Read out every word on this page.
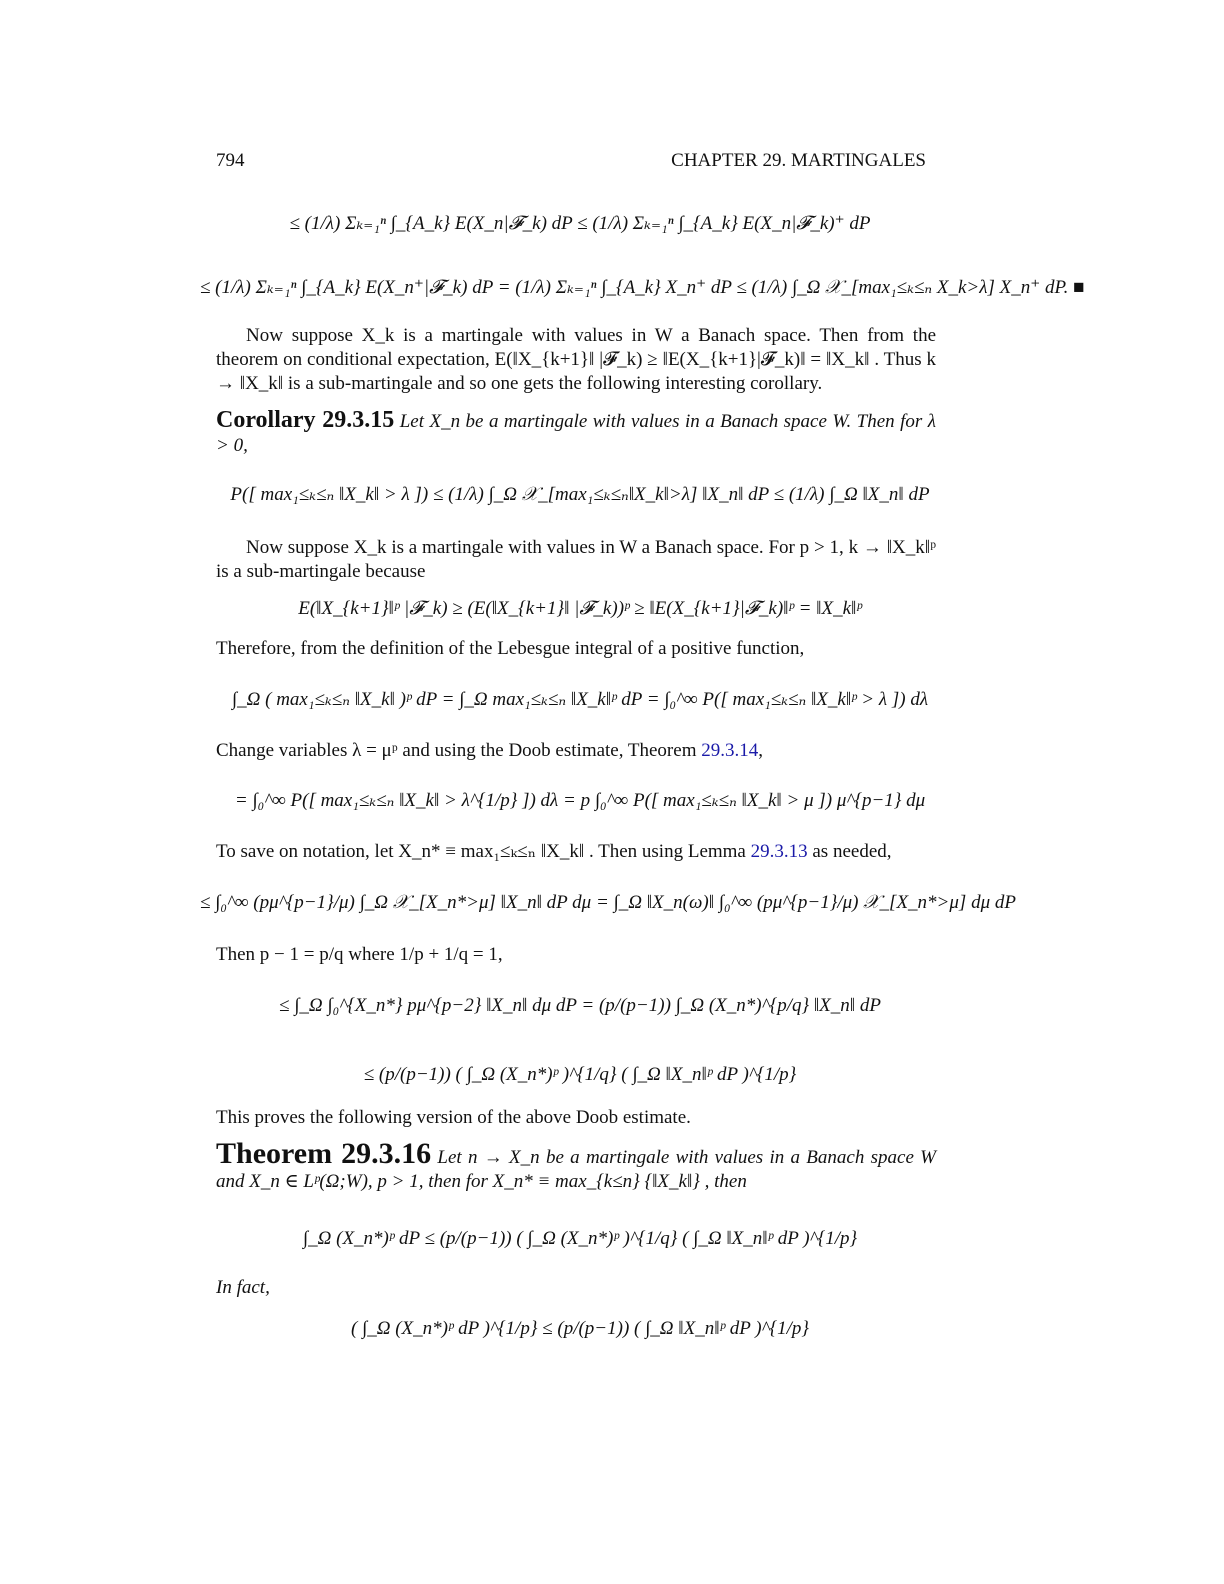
794	CHAPTER 29. MARTINGALES
≤ (1/λ) Σₖ₌₁ⁿ ∫_{A_k} E(X_n|𝓕_k) dP ≤ (1/λ) Σₖ₌₁ⁿ ∫_{A_k} E(X_n|𝓕_k)⁺ dP
≤ (1/λ) Σₖ₌₁ⁿ ∫_{A_k} E(X_n⁺|𝓕_k) dP = (1/λ) Σₖ₌₁ⁿ ∫_{A_k} X_n⁺ dP ≤ (1/λ) ∫_Ω 𝒳_[max₁≤ₖ≤ₙ X_k>λ] X_n⁺ dP. ■
Now suppose X_k is a martingale with values in W a Banach space. Then from the theorem on conditional expectation, E(‖X_{k+1}‖ |𝓕_k) ≥ ‖E(X_{k+1}|𝓕_k)‖ = ‖X_k‖ . Thus k → ‖X_k‖ is a sub-martingale and so one gets the following interesting corollary.
Corollary 29.3.15 Let X_n be a martingale with values in a Banach space W. Then for λ > 0,
P([ max₁≤ₖ≤ₙ ‖X_k‖ > λ ]) ≤ (1/λ) ∫_Ω 𝒳_[max₁≤ₖ≤ₙ‖X_k‖>λ] ‖X_n‖ dP ≤ (1/λ) ∫_Ω ‖X_n‖ dP
Now suppose X_k is a martingale with values in W a Banach space. For p > 1, k → ‖X_k‖ᵖ is a sub-martingale because
E(‖X_{k+1}‖ᵖ |𝓕_k) ≥ (E(‖X_{k+1}‖ |𝓕_k))ᵖ ≥ ‖E(X_{k+1}|𝓕_k)‖ᵖ = ‖X_k‖ᵖ
Therefore, from the definition of the Lebesgue integral of a positive function,
∫_Ω ( max₁≤ₖ≤ₙ ‖X_k‖ )ᵖ dP = ∫_Ω max₁≤ₖ≤ₙ ‖X_k‖ᵖ dP = ∫₀^∞ P([ max₁≤ₖ≤ₙ ‖X_k‖ᵖ > λ ]) dλ
Change variables λ = μᵖ and using the Doob estimate, Theorem 29.3.14,
= ∫₀^∞ P([ max₁≤ₖ≤ₙ ‖X_k‖ > λ^{1/p} ]) dλ = p ∫₀^∞ P([ max₁≤ₖ≤ₙ ‖X_k‖ > μ ]) μ^{p−1} dμ
To save on notation, let X_n* ≡ max₁≤ₖ≤ₙ ‖X_k‖ . Then using Lemma 29.3.13 as needed,
≤ ∫₀^∞ (pμ^{p−1}/μ) ∫_Ω 𝒳_[X_n*>μ] ‖X_n‖ dP dμ = ∫_Ω ‖X_n(ω)‖ ∫₀^∞ (pμ^{p−1}/μ) 𝒳_[X_n*>μ] dμ dP
Then p − 1 = p/q where 1/p + 1/q = 1,
≤ ∫_Ω ∫₀^{X_n*} pμ^{p−2} ‖X_n‖ dμ dP = (p/(p−1)) ∫_Ω (X_n*)^{p/q} ‖X_n‖ dP
≤ (p/(p−1)) ( ∫_Ω (X_n*)ᵖ )^{1/q} ( ∫_Ω ‖X_n‖ᵖ dP )^{1/p}
This proves the following version of the above Doob estimate.
Theorem 29.3.16 Let n → X_n be a martingale with values in a Banach space W and X_n ∈ Lᵖ(Ω;W), p > 1, then for X_n* ≡ max_{k≤n} {‖X_k‖} , then
∫_Ω (X_n*)ᵖ dP ≤ (p/(p−1)) ( ∫_Ω (X_n*)ᵖ )^{1/q} ( ∫_Ω ‖X_n‖ᵖ dP )^{1/p}
In fact,
( ∫_Ω (X_n*)ᵖ dP )^{1/p} ≤ (p/(p−1)) ( ∫_Ω ‖X_n‖ᵖ dP )^{1/p}
